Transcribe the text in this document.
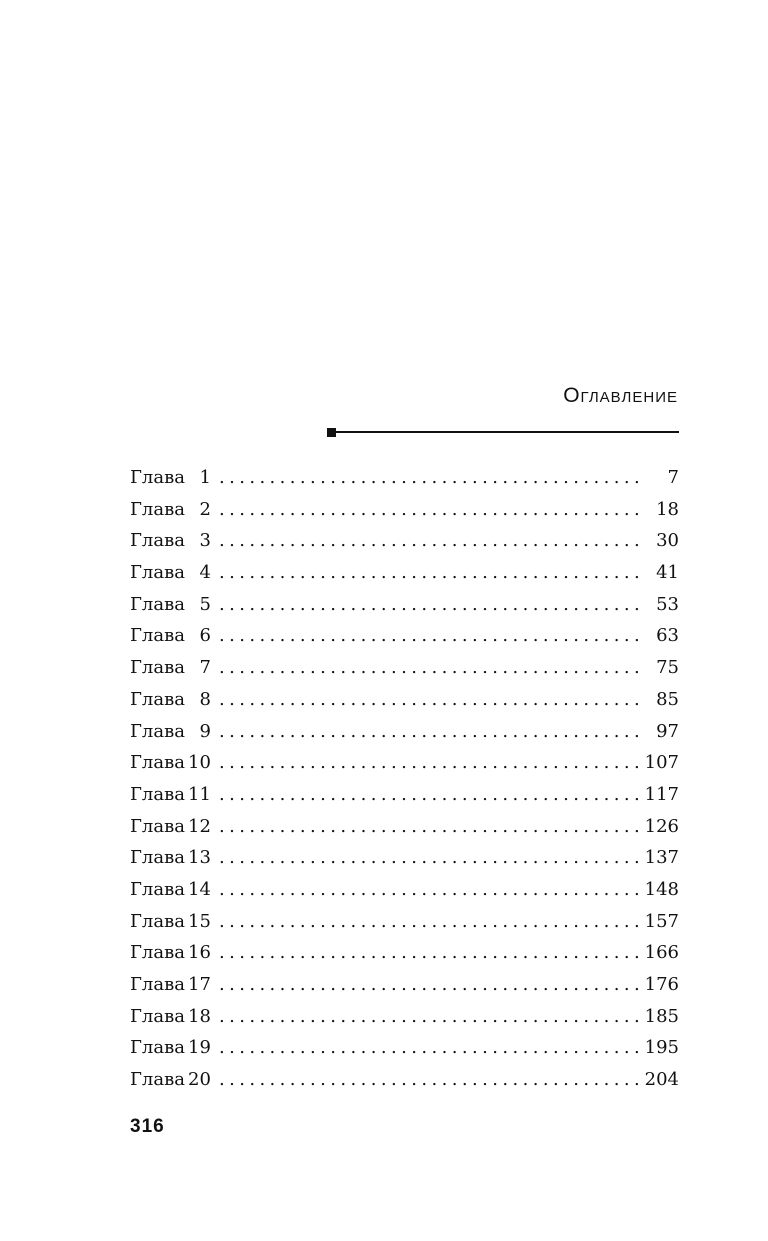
Оглавление
Глава 1 .....	7
Глава 2 .....	18
Глава 3 .....	30
Глава 4 .....	41
Глава 5 .....	53
Глава 6 .....	63
Глава 7 .....	75
Глава 8 .....	85
Глава 9 .....	97
Глава 10 .....	107
Глава 11 .....	117
Глава 12 .....	126
Глава 13 .....	137
Глава 14 .....	148
Глава 15 .....	157
Глава 16 .....	166
Глава 17 .....	176
Глава 18 .....	185
Глава 19 .....	195
Глава 20 .....	204
316
